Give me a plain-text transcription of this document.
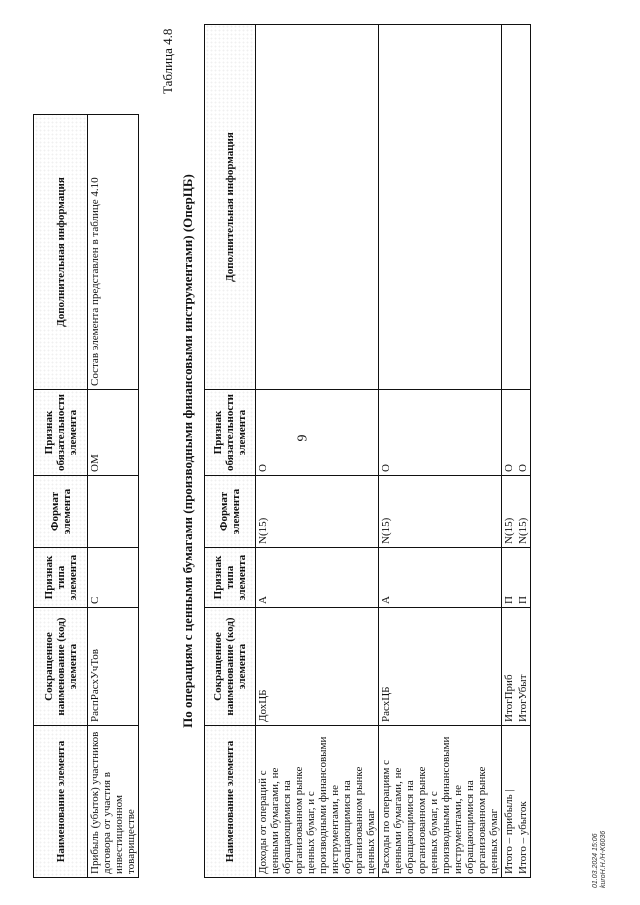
9
01.03.2024 15:06 kuroH.H./H-K6036
Наименование элемента	Сокращенное наименование (код) элемента	Признак типа элемента	Формат элемента	Признак обязательности элемента	Дополнительная информация
Прибыль (убыток) участников договора от участия в инвестиционном товариществе	РаспРасхУчТов	С		ОМ	Состав элемента представлен в таблице 4.10
Таблица 4.8
По операциям с ценными бумагами (производными финансовыми инструментами) (ОперЦБ)
Наименование элемента	Сокращенное наименование (код) элемента	Признак типа элемента	Формат элемента	Признак обязательности элемента	Дополнительная информация
Доходы от операций с ценными бумагами, не обращающимися на организованном рынке ценных бумаг, и с производными финансовыми инструментами, не обращающимися на организованном рынке ценных бумаг	ДохЦБ	А	N(15)	О	
Расходы по операциям с ценными бумагами, не обращающимися на организованном рынке ценных бумаг, и с производными финансовыми инструментами, не обращающимися на организованном рынке ценных бумаг	РасхЦБ	А	N(15)	О	
Итого – прибыль |	ИтогПриб	П	N(15)	О	
Итого – убыток	ИтогУбыт	П	N(15)	О	
